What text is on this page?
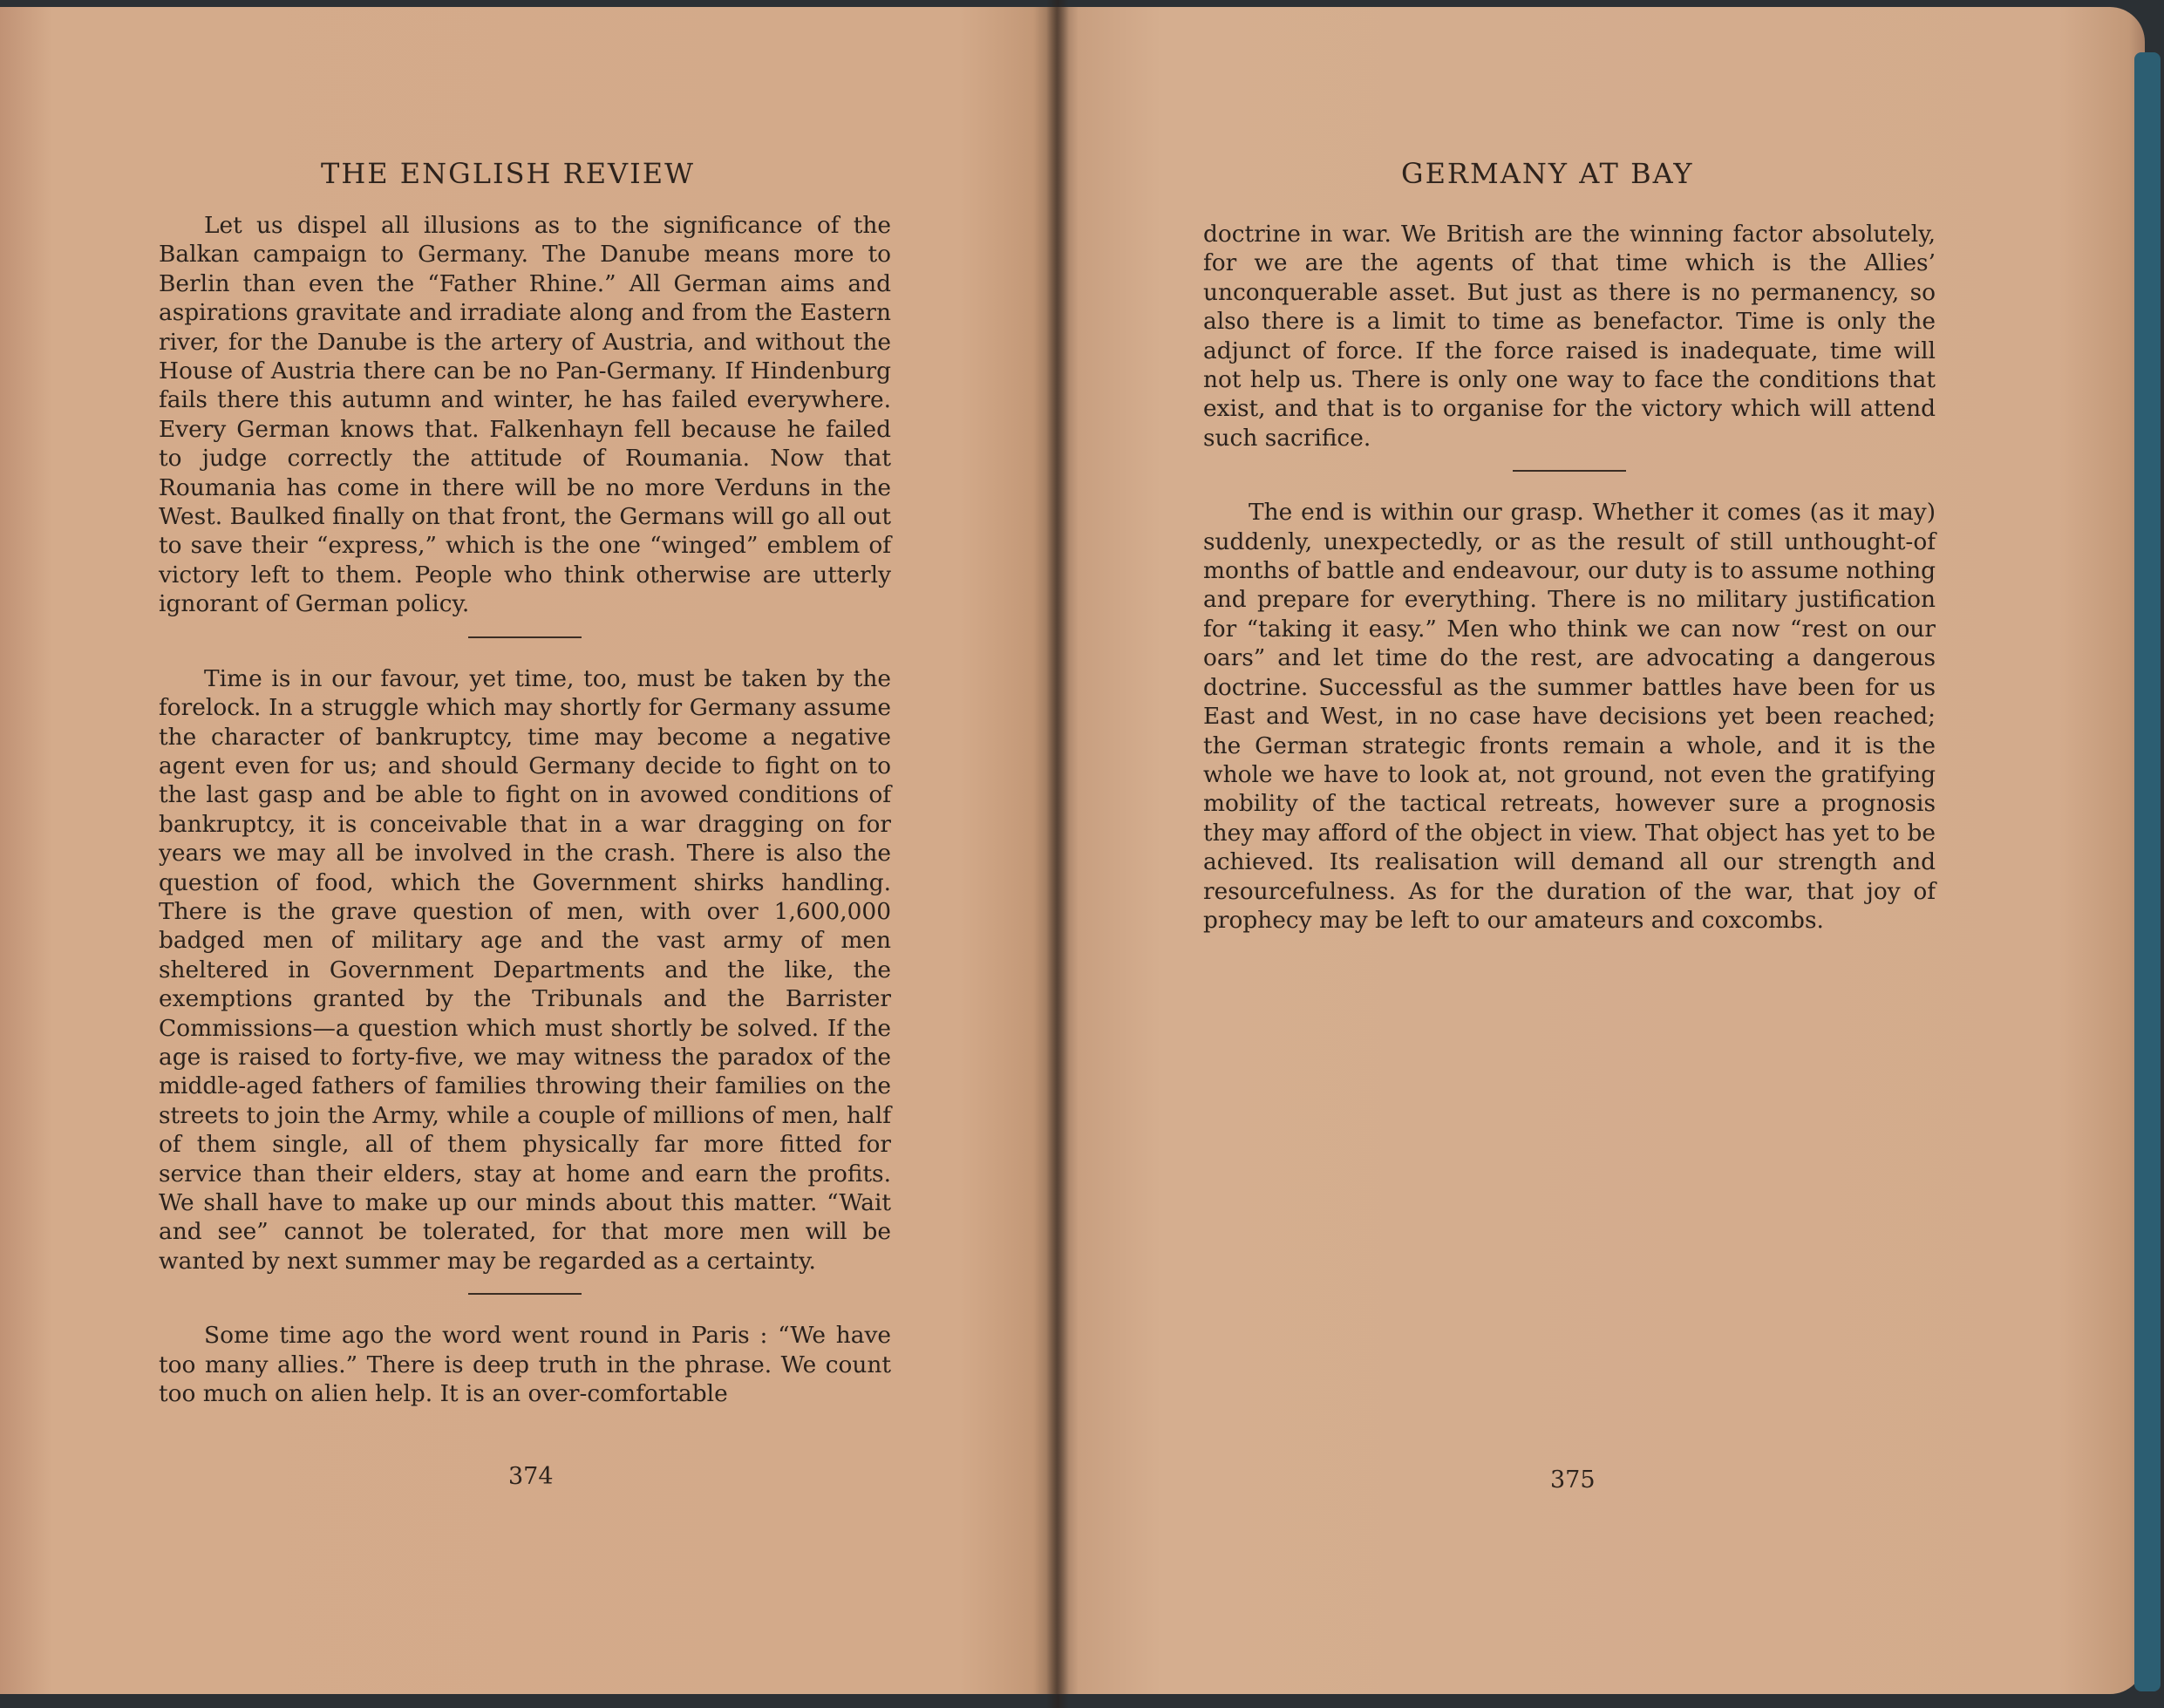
THE ENGLISH REVIEW

Let us dispel all illusions as to the significance of the Balkan campaign to Germany. The Danube means more to Berlin than even the “Father Rhine.” All German aims and aspirations gravitate and irradiate along and from the Eastern river, for the Danube is the artery of Austria, and without the House of Austria there can be no Pan-Germany. If Hindenburg fails there this autumn and winter, he has failed everywhere. Every German knows that. Falkenhayn fell because he failed to judge correctly the attitude of Roumania. Now that Roumania has come in there will be no more Verduns in the West. Baulked finally on that front, the Germans will go all out to save their “express,” which is the one “winged” emblem of victory left to them. People who think otherwise are utterly ignorant of German policy.

Time is in our favour, yet time, too, must be taken by the forelock. In a struggle which may shortly for Germany assume the character of bankruptcy, time may become a negative agent even for us; and should Germany decide to fight on to the last gasp and be able to fight on in avowed conditions of bankruptcy, it is conceivable that in a war dragging on for years we may all be involved in the crash. There is also the question of food, which the Government shirks handling. There is the grave question of men, with over 1,600,000 badged men of military age and the vast army of men sheltered in Government Departments and the like, the exemptions granted by the Tribunals and the Barrister Commissions—a question which must shortly be solved. If the age is raised to forty-five, we may witness the paradox of the middle-aged fathers of families throwing their families on the streets to join the Army, while a couple of millions of men, half of them single, all of them physically far more fitted for service than their elders, stay at home and earn the profits. We shall have to make up our minds about this matter. “Wait and see” cannot be tolerated, for that more men will be wanted by next summer may be regarded as a certainty.

Some time ago the word went round in Paris : “We have too many allies.” There is deep truth in the phrase. We count too much on alien help. It is an over-comfortable

374
GERMANY AT BAY

doctrine in war. We British are the winning factor absolutely, for we are the agents of that time which is the Allies’ unconquerable asset. But just as there is no permanency, so also there is a limit to time as benefactor. Time is only the adjunct of force. If the force raised is inadequate, time will not help us. There is only one way to face the conditions that exist, and that is to organise for the victory which will attend such sacrifice.

The end is within our grasp. Whether it comes (as it may) suddenly, unexpectedly, or as the result of still unthought-of months of battle and endeavour, our duty is to assume nothing and prepare for everything. There is no military justification for “taking it easy.” Men who think we can now “rest on our oars” and let time do the rest, are advocating a dangerous doctrine. Successful as the summer battles have been for us East and West, in no case have decisions yet been reached; the German strategic fronts remain a whole, and it is the whole we have to look at, not ground, not even the gratifying mobility of the tactical retreats, however sure a prognosis they may afford of the object in view. That object has yet to be achieved. Its realisation will demand all our strength and resourcefulness. As for the duration of the war, that joy of prophecy may be left to our amateurs and coxcombs.

375
